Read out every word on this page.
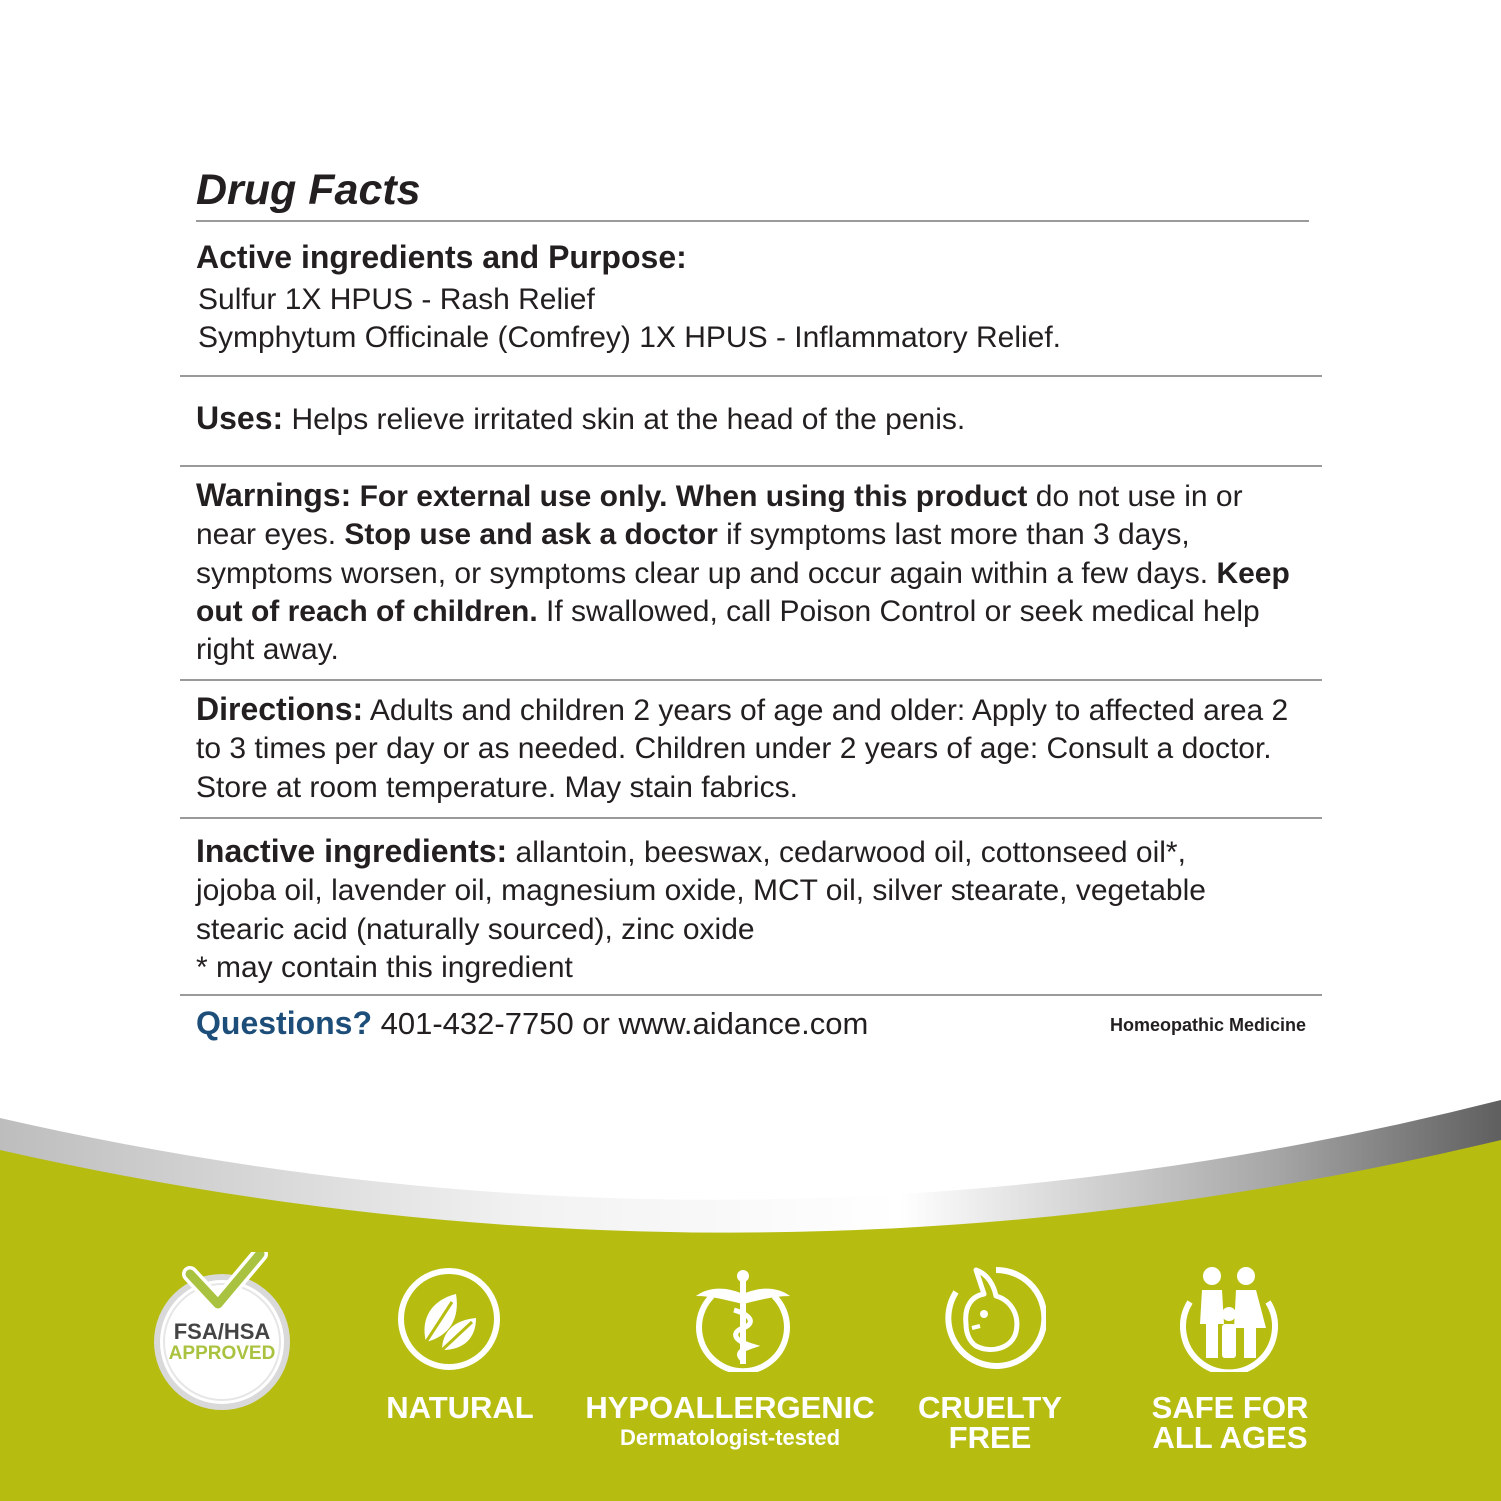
Drug Facts
Active ingredients and Purpose:
Sulfur 1X HPUS - Rash Relief
Symphytum Officinale (Comfrey) 1X HPUS - Inflammatory Relief.
Uses: Helps relieve irritated skin at the head of the penis.
Warnings: For external use only. When using this product do not use in or near eyes. Stop use and ask a doctor if symptoms last more than 3 days, symptoms worsen, or symptoms clear up and occur again within a few days. Keep out of reach of children. If swallowed, call Poison Control or seek medical help right away.
Directions: Adults and children 2 years of age and older: Apply to affected area 2 to 3 times per day or as needed. Children under 2 years of age: Consult a doctor. Store at room temperature. May stain fabrics.
Inactive ingredients: allantoin, beeswax, cedarwood oil, cottonseed oil*, jojoba oil, lavender oil, magnesium oxide, MCT oil, silver stearate, vegetable stearic acid (naturally sourced), zinc oxide
* may contain this ingredient
Questions? 401-432-7750 or www.aidance.com	Homeopathic Medicine
FSA/HSA
APPROVED
NATURAL	HYPOALLERGENIC
Dermatologist-tested
CRUELTY
FREE
SAFE FOR
ALL AGES
